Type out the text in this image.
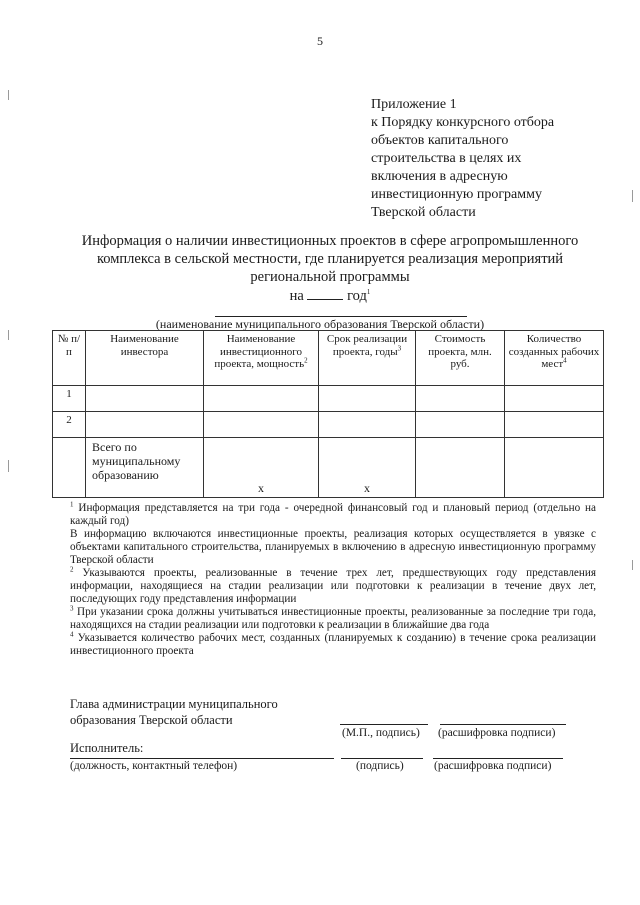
5
Приложение 1
к Порядку конкурсного отбора
объектов капитального
строительства в целях их
включения в адресную
инвестиционную программу
Тверской области
Информация о наличии инвестиционных проектов в сфере агропромышленного
комплекса в сельской местности, где планируется реализация мероприятий
региональной программы
на	год$^1$
(наименование муниципального образования Тверской области)
№ п/п	Наименование инвестора	Наименование инвестиционного проекта, мощность$^2$	Срок реализации проекта, годы$^3$	Стоимость проекта, млн. руб.	Количество созданных рабочих мест$^4$
1					
2					
	Всего по муниципальному образованию	x	x		

$^1$ Информация представляется на три года - очередной финансовый год и плановый период (отдельно на каждый год)

В информацию включаются инвестиционные проекты, реализация которых осуществляется в увязке с объектами капитального строительства, планируемых в включению в адресную инвестиционную программу Тверской области

$^2$ Указываются проекты, реализованные в течение трех лет, предшествующих году представления информации, находящиеся на стадии реализации или подготовки к реализации в течение двух лет, последующих году представления информации

$^3$ При указании срока должны учитываться инвестиционные проекты, реализованные за последние три года, находящихся на стадии реализации или подготовки к реализации в ближайшие два года

$^4$ Указывается количество рабочих мест, созданных (планируемых к созданию) в течение срока реализации инвестиционного проекта

Глава администрации муниципального
образования Тверской области
(М.П., подпись) (расшифровка подписи)
Исполнитель:
(должность, контактный телефон)	(подпись)	(расшифровка подписи)
